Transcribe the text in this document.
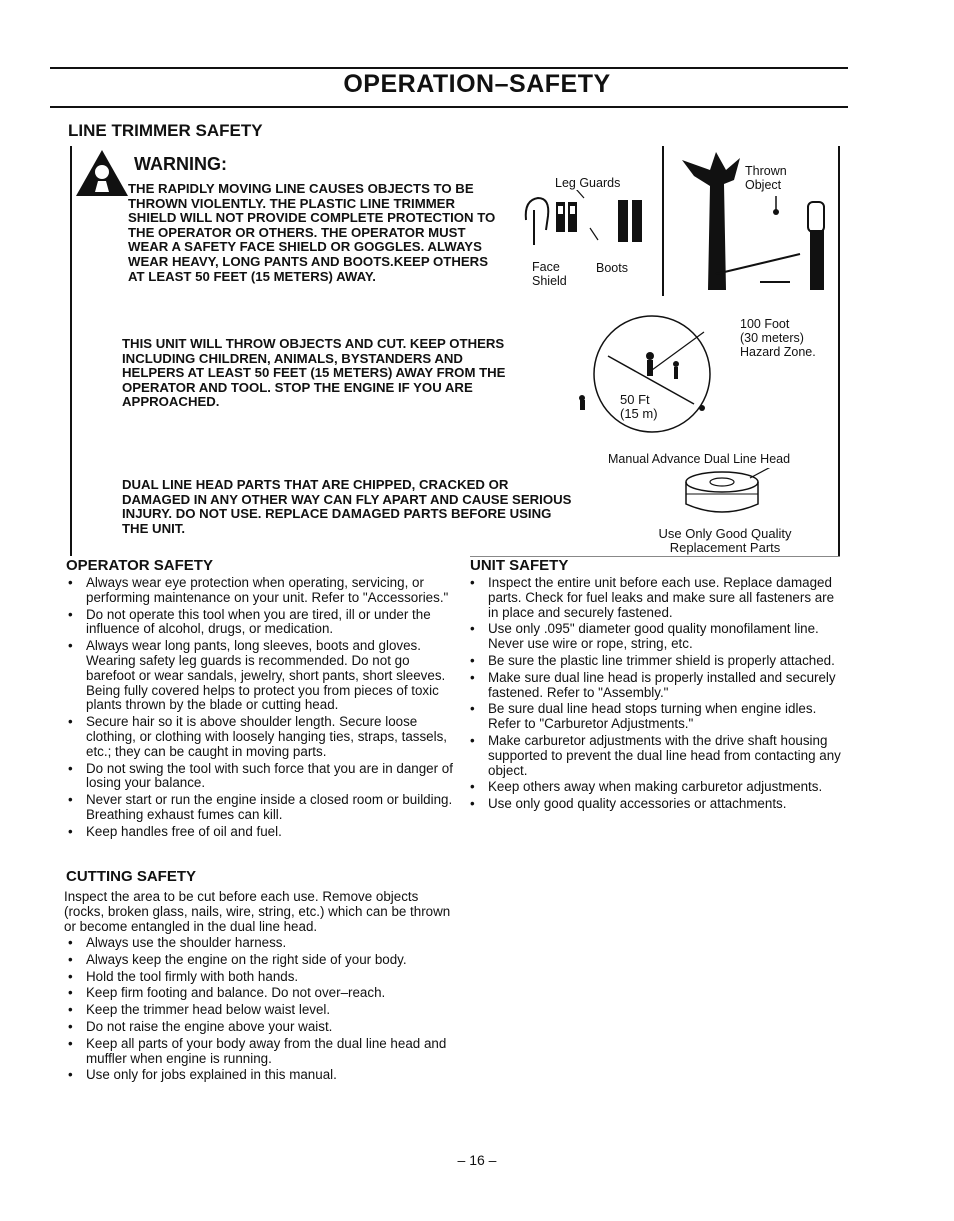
OPERATION–SAFETY
LINE TRIMMER SAFETY
WARNING:
THE RAPIDLY MOVING LINE CAUSES OBJECTS TO BE THROWN VIOLENTLY. THE PLASTIC LINE TRIMMER SHIELD WILL NOT PROVIDE COMPLETE PROTECTION TO THE OPERATOR OR OTHERS. THE OPERATOR MUST WEAR A SAFETY FACE SHIELD OR GOGGLES. ALWAYS WEAR HEAVY, LONG PANTS AND BOOTS.KEEP OTHERS AT LEAST 50 FEET (15 METERS) AWAY.
Leg Guards
Face
Shield
Boots
Thrown
Object
THIS UNIT WILL THROW OBJECTS AND CUT. KEEP OTHERS INCLUDING CHILDREN, ANIMALS, BYSTANDERS AND HELPERS AT LEAST 50 FEET (15 METERS) AWAY FROM THE OPERATOR AND TOOL. STOP THE ENGINE IF YOU ARE APPROACHED.
100 Foot
(30 meters)
Hazard Zone.
50 Ft
(15 m)
DUAL LINE HEAD PARTS THAT ARE CHIPPED, CRACKED OR DAMAGED IN ANY OTHER WAY CAN FLY APART AND CAUSE SERIOUS INJURY. DO NOT USE. REPLACE DAMAGED PARTS BEFORE USING THE UNIT.
Manual Advance Dual Line Head
Use Only Good Quality
Replacement Parts
OPERATOR SAFETY
• Always wear eye protection when operating, servicing, or performing maintenance on your unit. Refer to "Accessories."
• Do not operate this tool when you are tired, ill or under the influence of alcohol, drugs, or medication.
• Always wear long pants, long sleeves, boots and gloves. Wearing safety leg guards is recommended. Do not go barefoot or wear sandals, jewelry, short pants, short sleeves. Being fully covered helps to protect you from pieces of toxic plants thrown by the blade or cutting head.
• Secure hair so it is above shoulder length. Secure loose clothing, or clothing with loosely hanging ties, straps, tassels, etc.; they can be caught in moving parts.
• Do not swing the tool with such force that you are in danger of losing your balance.
• Never start or run the engine inside a closed room or building. Breathing exhaust fumes can kill.
• Keep handles free of oil and fuel.
UNIT SAFETY
• Inspect the entire unit before each use. Replace damaged parts. Check for fuel leaks and make sure all fasteners are in place and securely fastened.
• Use only .095" diameter good quality monofilament line. Never use wire or rope, string, etc.
• Be sure the plastic line trimmer shield is properly attached.
• Make sure dual line head is properly installed and securely fastened. Refer to "Assembly."
• Be sure dual line head stops turning when engine idles. Refer to "Carburetor Adjustments."
• Make carburetor adjustments with the drive shaft housing supported to prevent the dual line head from contacting any object.
• Keep others away when making carburetor adjustments.
• Use only good quality accessories or attachments.
CUTTING SAFETY
Inspect the area to be cut before each use. Remove objects (rocks, broken glass, nails, wire, string, etc.) which can be thrown or become entangled in the dual line head.
• Always use the shoulder harness.
• Always keep the engine on the right side of your body.
• Hold the tool firmly with both hands.
• Keep firm footing and balance. Do not over–reach.
• Keep the trimmer head below waist level.
• Do not raise the engine above your waist.
• Keep all parts of your body away from the dual line head and muffler when engine is running.
• Use only for jobs explained in this manual.
– 16 –
